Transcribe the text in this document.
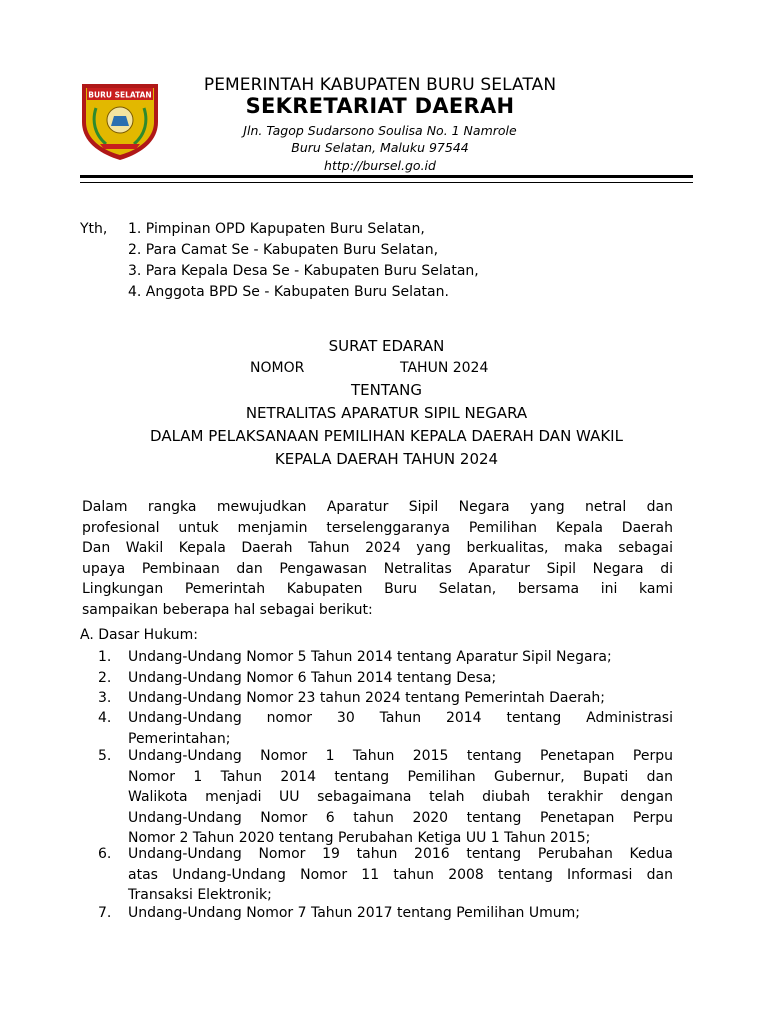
BURU SELATAN	PEMERINTAH KABUPATEN BURU SELATAN
SEKRETARIAT DAERAH
Jln. Tagop Sudarsono Soulisa No. 1 Namrole
Buru Selatan, Maluku 97544
http://bursel.go.id
Yth, 1. Pimpinan OPD Kapupaten Buru Selatan,
2. Para Camat Se - Kabupaten Buru Selatan,
3. Para Kepala Desa Se - Kabupaten Buru Selatan,
4. Anggota BPD Se - Kabupaten Buru Selatan.
SURAT EDARAN
NOMOR	TAHUN 2024
TENTANG
NETRALITAS APARATUR SIPIL NEGARA
DALAM PELAKSANAAN PEMILIHAN KEPALA DAERAH DAN WAKIL
KEPALA DAERAH TAHUN 2024
Dalam rangka mewujudkan Aparatur Sipil Negara yang netral dan
profesional untuk menjamin terselenggaranya Pemilihan Kepala Daerah
Dan Wakil Kepala Daerah Tahun 2024 yang berkualitas, maka sebagai
upaya Pembinaan dan Pengawasan Netralitas Aparatur Sipil Negara di
Lingkungan Pemerintah Kabupaten Buru Selatan, bersama ini kami
sampaikan beberapa hal sebagai berikut:
A. Dasar Hukum:
1.	Undang-Undang Nomor 5 Tahun 2014 tentang Aparatur Sipil Negara;
2.	Undang-Undang Nomor 6 Tahun 2014 tentang Desa;
3.	Undang-Undang Nomor 23 tahun 2024 tentang Pemerintah Daerah;
4.	Undang-Undang nomor 30 Tahun 2014 tentang Administrasi
Pemerintahan;
5.	Undang-Undang Nomor 1 Tahun 2015 tentang Penetapan Perpu
Nomor 1 Tahun 2014 tentang Pemilihan Gubernur, Bupati dan
Walikota menjadi UU sebagaimana telah diubah terakhir dengan
Undang-Undang Nomor 6 tahun 2020 tentang Penetapan Perpu
Nomor 2 Tahun 2020 tentang Perubahan Ketiga UU 1 Tahun 2015;
6.	Undang-Undang Nomor 19 tahun 2016 tentang Perubahan Kedua
atas Undang-Undang Nomor 11 tahun 2008 tentang Informasi dan
Transaksi Elektronik;
7.	Undang-Undang Nomor 7 Tahun 2017 tentang Pemilihan Umum;
